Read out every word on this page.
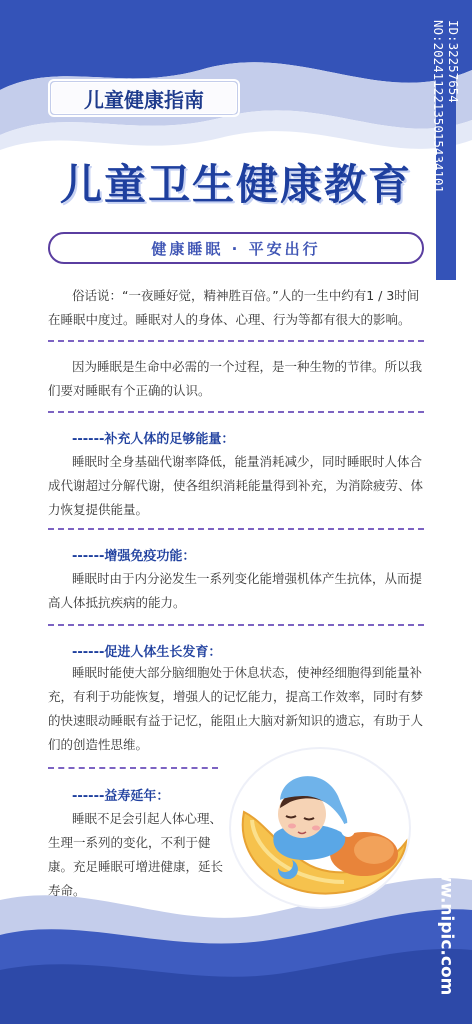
ID:32257654 NO:20241122135015434101
儿童健康指南
儿童卫生健康教育
健康睡眠 · 平安出行
俗话说：“一夜睡好觉，精神胜百倍。”人的一生中约有1 / 3时间在睡眠中度过。睡眠对人的身体、心理、行为等都有很大的影响。
因为睡眠是生命中必需的一个过程，是一种生物的节律。所以我们要对睡眠有个正确的认识。
------补充人体的足够能量：
睡眠时全身基础代谢率降低，能量消耗减少，同时睡眠时人体合成代谢超过分解代谢，使各组织消耗能量得到补充，为消除疲劳、体力恢复提供能量。
------增强免疫功能：
睡眠时由于内分泌发生一系列变化能增强机体产生抗体，从而提高人体抵抗疾病的能力。
------促进人体生长发育：
睡眠时能使大部分脑细胞处于休息状态，使神经细胞得到能量补充，有利于功能恢复，增强人的记忆能力，提高工作效率，同时有梦的快速眼动睡眠有益于记忆，能阻止大脑对新知识的遗忘，有助于人们的创造性思维。
------益寿延年：
睡眠不足会引起人体心理、生理一系列的变化，不利于健康。充足睡眠可增进健康，延长寿命。	呢图网 www.nipic.com
